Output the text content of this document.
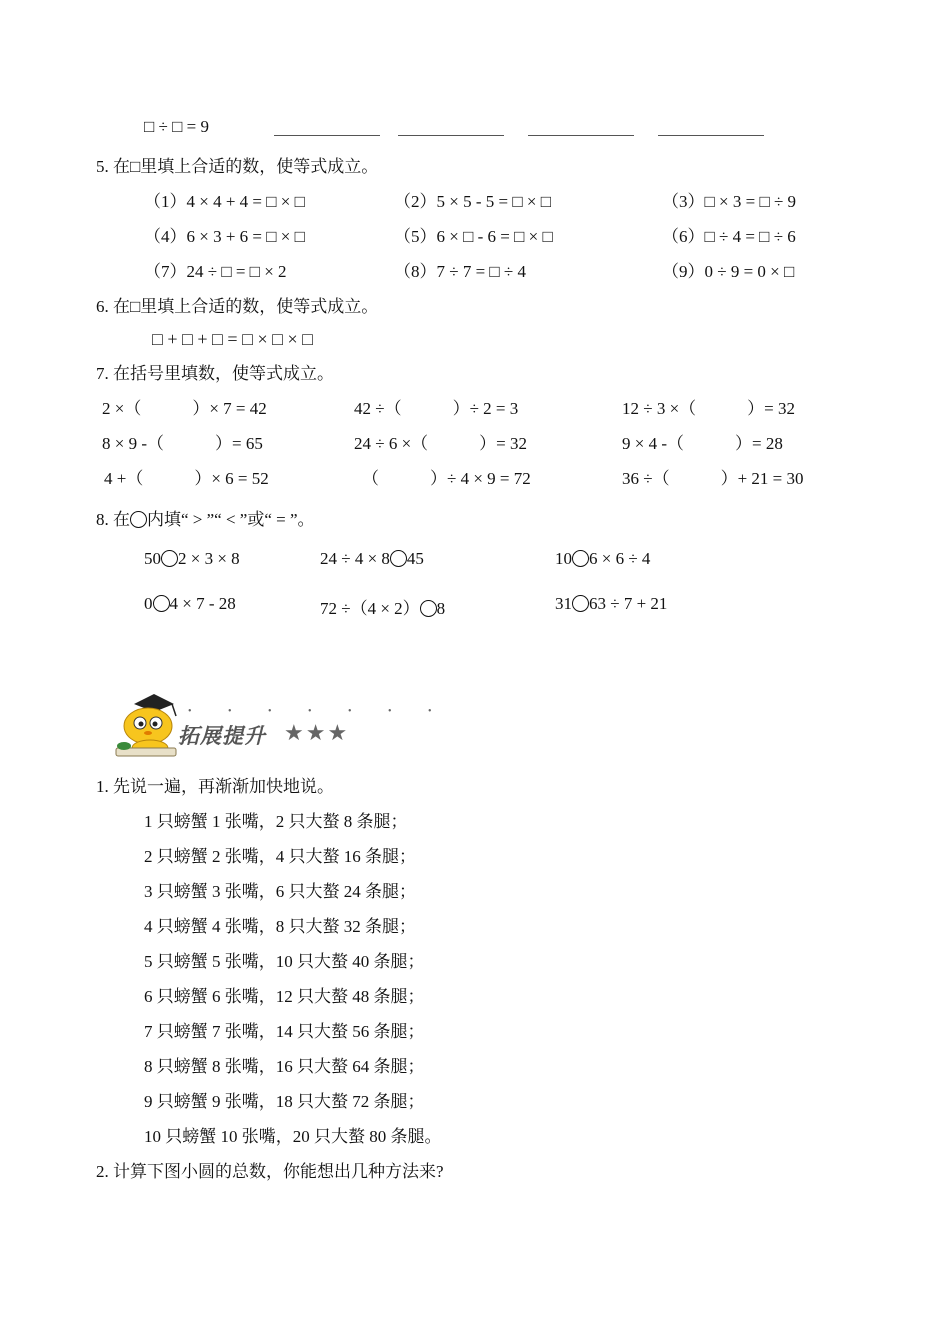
□ ÷ □ = 9
5. 在□里填上合适的数，使等式成立。
（1）4 × 4 + 4 = □ × □	（2）5 × 5 - 5 = □ × □	（3）□ × 3 = □ ÷ 9
（4）6 × 3 + 6 = □ × □	（5）6 × □ - 6 = □ × □	（6）□ ÷ 4 = □ ÷ 6
（7）24 ÷ □ = □ × 2	（8）7 ÷ 7 = □ ÷ 4	（9）0 ÷ 9 = 0 × □
6. 在□里填上合适的数，使等式成立。
□ + □ + □ = □ × □ × □
7. 在括号里填数，使等式成立。
2 ×（　　　）× 7 = 42	42 ÷（　　　）÷ 2 = 3	12 ÷ 3 ×（　　　）= 32
8 × 9 -（　　　）= 65	24 ÷ 6 ×（　　　）= 32	9 × 4 -（　　　）= 28
4 +（　　　）× 6 = 52	（　　　）÷ 4 × 9 = 72	36 ÷（　　　）+ 21 = 30
8. 在 内填“ > ”“ < ”或“ = ”。
50 2 × 3 × 8	24 ÷ 4 × 8 45	10 6 × 6 ÷ 4
0 4 × 7 - 28	72 ÷（4 × 2） 8	31 63 ÷ 7 + 21
• • • • • • •
拓展提升 ★★★
1. 先说一遍，再渐渐加快地说。
1 只螃蟹 1 张嘴，2 只大螯 8 条腿；
2 只螃蟹 2 张嘴，4 只大螯 16 条腿；
3 只螃蟹 3 张嘴，6 只大螯 24 条腿；
4 只螃蟹 4 张嘴，8 只大螯 32 条腿；
5 只螃蟹 5 张嘴，10 只大螯 40 条腿；
6 只螃蟹 6 张嘴，12 只大螯 48 条腿；
7 只螃蟹 7 张嘴，14 只大螯 56 条腿；
8 只螃蟹 8 张嘴，16 只大螯 64 条腿；
9 只螃蟹 9 张嘴，18 只大螯 72 条腿；
10 只螃蟹 10 张嘴，20 只大螯 80 条腿。
2. 计算下图小圆的总数，你能想出几种方法来?
